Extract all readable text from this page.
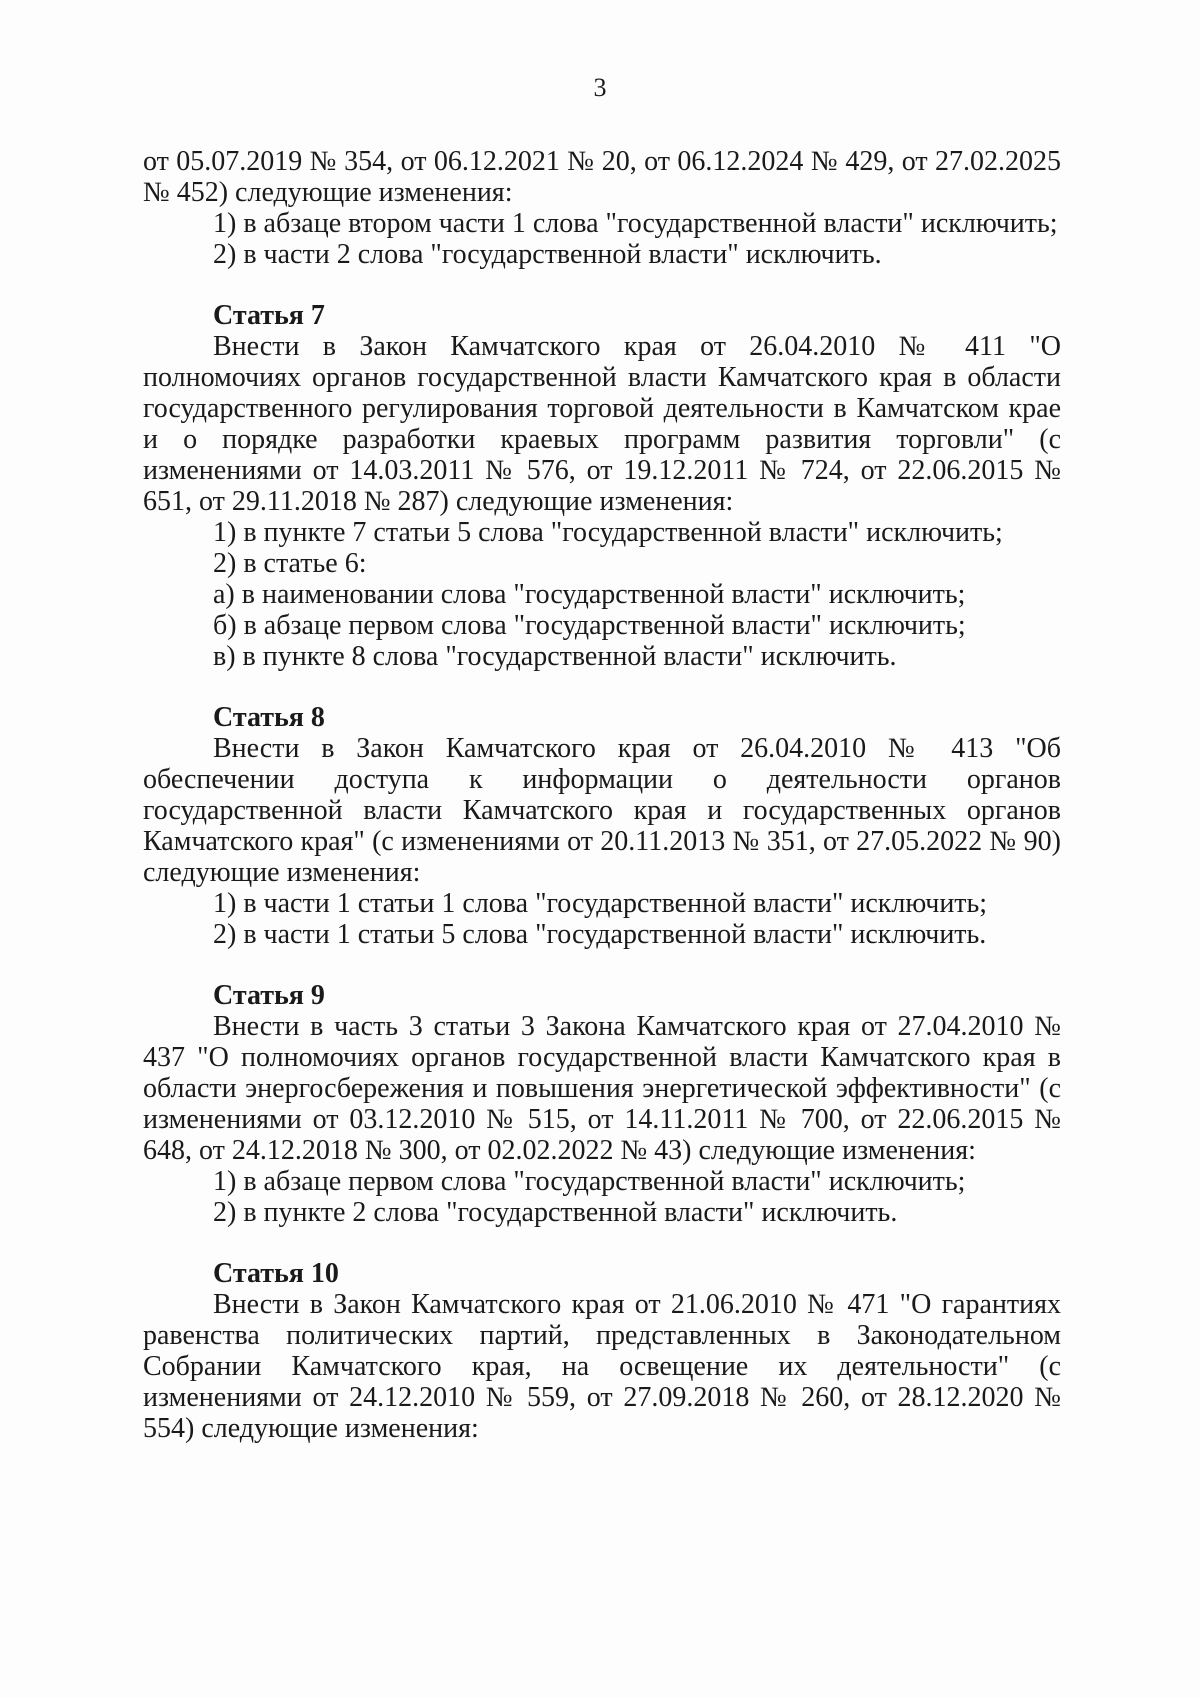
3

от 05.07.2019 № 354, от 06.12.2021 № 20, от 06.12.2024 № 429, от 27.02.2025 № 452) следующие изменения:

1) в абзаце втором части 1 слова "государственной власти" исключить;

2) в части 2 слова "государственной власти" исключить.

Статья 7

Внести в Закон Камчатского края от 26.04.2010 № 411 "О полномочиях органов государственной власти Камчатского края в области государственного регулирования торговой деятельности в Камчатском крае и о порядке разработки краевых программ развития торговли" (с изменениями от 14.03.2011 № 576, от 19.12.2011 № 724, от 22.06.2015 № 651, от 29.11.2018 № 287) следующие изменения:

1) в пункте 7 статьи 5 слова "государственной власти" исключить;

2) в статье 6:

а) в наименовании слова "государственной власти" исключить;

б) в абзаце первом слова "государственной власти" исключить;

в) в пункте 8 слова "государственной власти" исключить.

Статья 8

Внести в Закон Камчатского края от 26.04.2010 № 413 "Об обеспечении доступа к информации о деятельности органов государственной власти Камчатского края и государственных органов Камчатского края" (с изменениями от 20.11.2013 № 351, от 27.05.2022 № 90) следующие изменения:

1) в части 1 статьи 1 слова "государственной власти" исключить;

2) в части 1 статьи 5 слова "государственной власти" исключить.

Статья 9

Внести в часть 3 статьи 3 Закона Камчатского края от 27.04.2010 № 437 "О полномочиях органов государственной власти Камчатского края в области энергосбережения и повышения энергетической эффективности" (с изменениями от 03.12.2010 № 515, от 14.11.2011 № 700, от 22.06.2015 № 648, от 24.12.2018 № 300, от 02.02.2022 № 43) следующие изменения:

1) в абзаце первом слова "государственной власти" исключить;

2) в пункте 2 слова "государственной власти" исключить.

Статья 10

Внести в Закон Камчатского края от 21.06.2010 № 471 "О гарантиях равенства политических партий, представленных в Законодательном Собрании Камчатского края, на освещение их деятельности" (с изменениями от 24.12.2010 № 559, от 27.09.2018 № 260, от 28.12.2020 № 554) следующие изменения:
